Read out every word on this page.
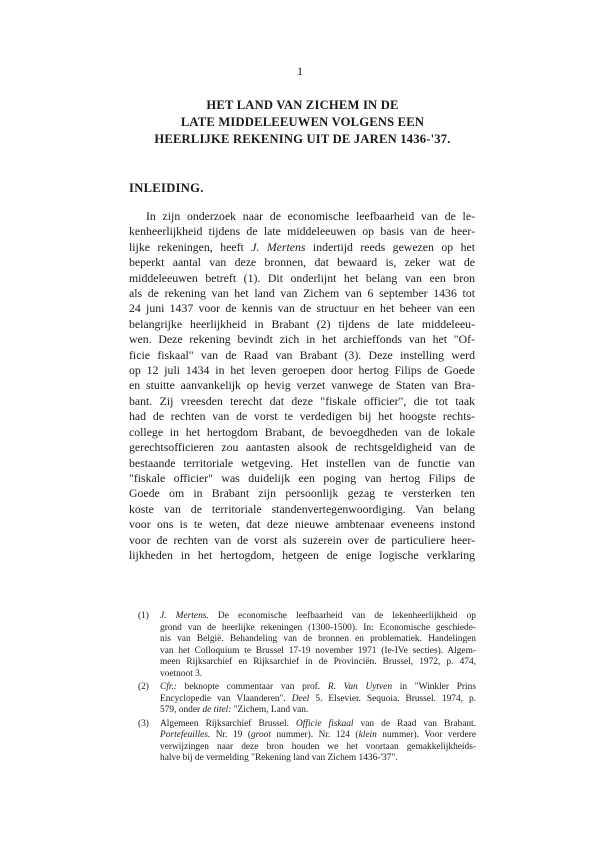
1
HET LAND VAN ZICHEM IN DE
LATE MIDDELEEUWEN VOLGENS EEN
HEERLIJKE REKENING UIT DE JAREN 1436-'37.
INLEIDING.
In zijn onderzoek naar de economische leefbaarheid van de le-
kenheerlijkheid tijdens de late middeleeuwen op basis van de heer-
lijke rekeningen, heeft J. Mertens indertijd reeds gewezen op het
beperkt aantal van deze bronnen, dat bewaard is, zeker wat de
middeleeuwen betreft (1). Dit onderlijnt het belang van een bron
als de rekening van het land van Zichem van 6 september 1436 tot
24 juni 1437 voor de kennis van de structuur en het beheer van een
belangrijke heerlijkheid in Brabant (2) tijdens de late middeleeu-
wen. Deze rekening bevindt zich in het archieffonds van het "Of-
ficie fiskaal" van de Raad van Brabant (3). Deze instelling werd
op 12 juli 1434 in het leven geroepen door hertog Filips de Goede
en stuitte aanvankelijk op hevig verzet vanwege de Staten van Bra-
bant. Zij vreesden terecht dat deze "fiskale officier", die tot taak
had de rechten van de vorst te verdedigen bij het hoogste rechts-
college in het hertogdom Brabant, de bevoegdheden van de lokale
gerechtsofficieren zou aantasten alsook de rechtsgeldigheid van de
bestaande territoriale wetgeving. Het instellen van de functie van
"fiskale officier" was duidelijk een poging van hertog Filips de
Goede om in Brabant zijn persoonlijk gezag te versterken ten
koste van de territoriale standenvertegenwoordiging. Van belang
voor ons is te weten, dat deze nieuwe ambtenaar eveneens instond
voor de rechten van de vorst als suzerein over de particuliere heer-
lijkheden in het hertogdom, hetgeen de enige logische verklaring
(1) J. Mertens. De economische leefbaarheid van de lekenheerlijkheid op
grond van de heerlijke rekeningen (1300-1500). In: Economische geschiede-
nis van België. Behandeling van de bronnen en problematiek. Handelingen
van het Colloquium te Brussel 17-19 november 1971 (Ie-IVe secties). Algem-
meen Rijksarchief en Rijksarchief in de Provinciën. Brussel, 1972, p. 474,
voetnoot 3.
(2) Cfr.: beknopte commentaar van prof. R. Van Uytven in "Winkler Prins
Encyclopedie van Vlaanderen". Deel 5. Elsevier. Sequoia. Brussel. 1974, p.
579, onder de titel: "Zichem, Land van.
(3) Algemeen Rijksarchief Brussel. Officie fiskaal van de Raad van Brabant.
Portefeuilles. Nr. 19 (groot nummer). Nr. 124 (klein nummer). Voor verdere
verwijzingen naar deze bron houden we het voortaan gemakkelijkheids-
halve bij de vermelding "Rekening land van Zichem 1436-'37".
